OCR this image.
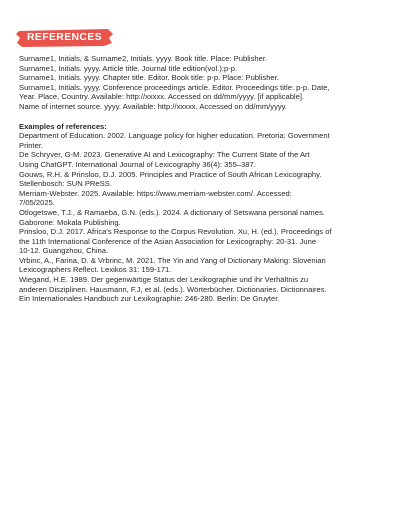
REFERENCES
Surname1, Initials, & Surname2, Initials. yyyy. Book title. Place: Publisher.
Surname1, Initials. yyyy. Article title. Journal title edition(vol.):p-p.
Surname1, Initials. yyyy. Chapter title. Editor. Book title: p-p. Place: Publisher.
Surname1, Initials. yyyy. Conference proceedings article. Editor. Proceedings title: p-p. Date,
Year. Place, Country. Available: http://xxxxx. Accessed on dd/mm/yyyy. [if applicable].
Name of internet source. yyyy. Available: http://xxxxx. Accessed on dd/mm/yyyy.
Examples of references:
Department of Education. 2002. Language policy for higher education. Pretoria: Government
Printer.
De Schryver, G-M. 2023. Generative AI and Lexicography: The Current State of the Art
Using ChatGPT. International Journal of Lexicography 36(4): 355–387.
Gouws, R.H. & Prinsloo, D.J. 2005. Principles and Practice of South African Lexicography.
Stellenbosch: SUN PReSS.
Merriam-Webster. 2025. Available: https://www.merriam-webster.com/. Accessed:
7/05/2025.
Otlogetswe, T.J., & Ramaeba, G.N. (eds.). 2024. A dictionary of Setswana personal names.
Gaborone: Mokala Publishing.
Prinsloo, D.J. 2017. Africa's Response to the Corpus Revolution. Xu, H. (ed.). Proceedings of
the 11th International Conference of the Asian Association for Lexicography: 20-31. June
10-12. Guangzhou, China.
Vrbinc, A., Farina, D. & Vrbrinc, M. 2021. The Yin and Yang of Dictionary Making: Slovenian
Lexicographers Reflect. Lexikos 31: 159-171.
Wiegand, H.E. 1989. Der gegenwärtige Status der Lexikographie und ihr Verhältnis zu
anderen Disziplinen. Hausmann, F.J, et al. (eds.). Wörterbücher. Dictionaries. Dictionnaires.
Ein Internationales Handbuch zur Lexikographie: 246-280. Berlin: De Gruyter.
